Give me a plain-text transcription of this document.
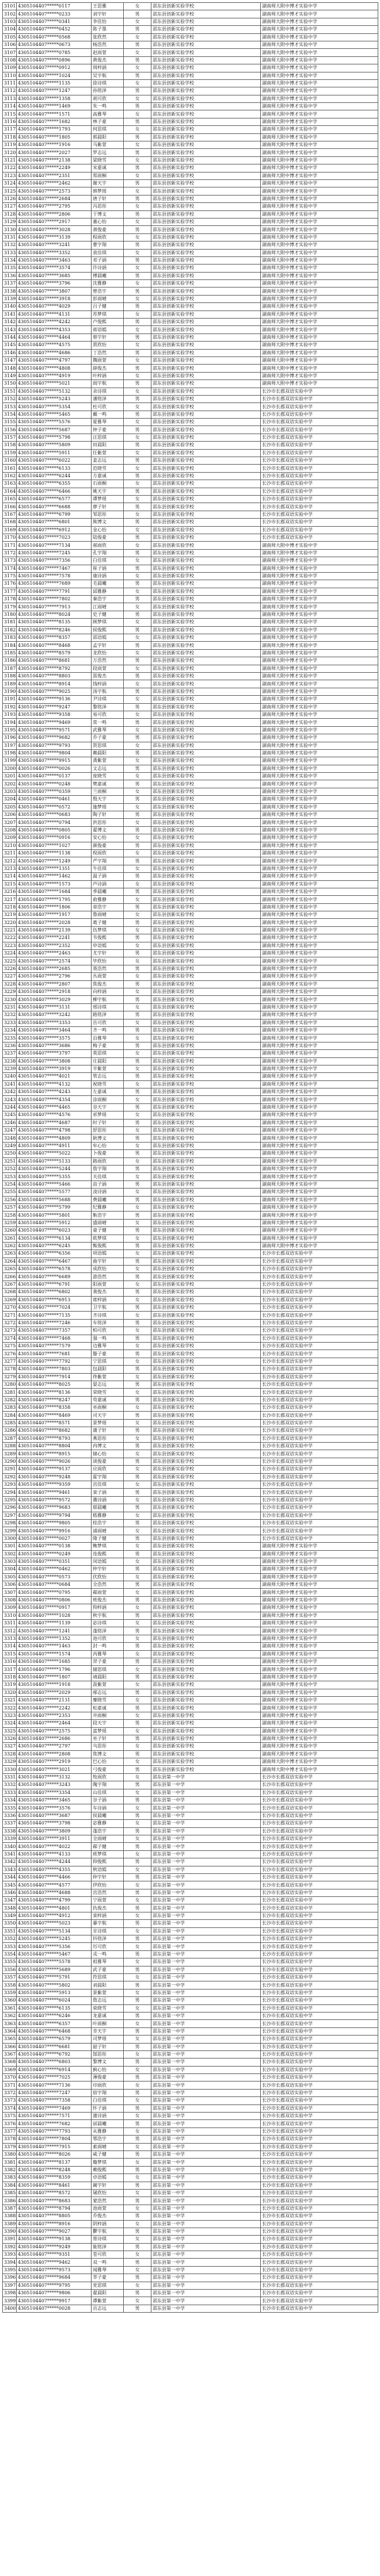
3101	4305104407*****0117	王思雅	女	邵东县创新实验学校	湖南师大附中博才实验中学
3102	4305104407*****0233	刘宇轩	男	邵东县创新实验学校	湖南师大附中博才实验中学
3103	4305104407*****0341	李佳怡	女	邵东县创新实验学校	湖南师大附中博才实验中学
3104	4305104407*****0452	陈子墨	男	邵东县创新实验学校	湖南师大附中博才实验中学
3105	4305104407*****0568	张欣然	女	邵东县创新实验学校	湖南师大附中博才实验中学
3106	4305104407*****0673	杨浩然	男	邵东县创新实验学校	湖南师大附中博才实验中学
3107	4305104407*****0785	赵雨萱	女	邵东县创新实验学校	湖南师大附中博才实验中学
3108	4305104407*****0896	黄俊杰	男	邵东县创新实验学校	湖南师大附中博才实验中学
3109	4305104407*****0912	周梓涵	女	邵东县创新实验学校	湖南师大附中博才实验中学
3110	4305104407*****1024	吴宇航	男	邵东县创新实验学校	湖南师大附中博才实验中学
3111	4305104407*****1135	徐诗琪	女	邵东县创新实验学校	湖南师大附中博才实验中学
3112	4305104407*****1247	孙铭泽	男	邵东县创新实验学校	湖南师大附中博才实验中学
3113	4305104407*****1358	胡可欣	女	邵东县创新实验学校	湖南师大附中博才实验中学
3114	4305104407*****1469	朱一鸣	男	邵东县创新实验学校	湖南师大附中博才实验中学
3115	4305104407*****1571	高雅琴	女	邵东县创新实验学校	湖南师大附中博才实验中学
3116	4305104407*****1682	林子豪	男	邵东县创新实验学校	湖南师大附中博才实验中学
3117	4305104407*****1793	何思琪	女	邵东县创新实验学校	湖南师大附中博才实验中学
3118	4305104407*****1805	郭晨阳	男	邵东县创新实验学校	湖南师大附中博才实验中学
3119	4305104407*****1916	马紫萱	女	邵东县创新实验学校	湖南师大附中博才实验中学
3120	4305104407*****2027	罗志远	男	邵东县创新实验学校	湖南师大附中博才实验中学
3121	4305104407*****2138	梁晓雪	女	邵东县创新实验学校	湖南师大附中博才实验中学
3122	4305104407*****2249	宋嘉诚	男	邵东县创新实验学校	湖南师大附中博才实验中学
3123	4305104407*****2351	郑雨桐	女	邵东县创新实验学校	湖南师大附中博才实验中学
3124	4305104407*****2462	谢天宇	男	邵东县创新实验学校	湖南师大附中博才实验中学
3125	4305104407*****2573	韩梦瑶	女	邵东县创新实验学校	湖南师大附中博才实验中学
3126	4305104407*****2684	唐子轩	男	邵东县创新实验学校	湖南师大附中博才实验中学
3127	4305104407*****2795	冯思彤	女	邵东县创新实验学校	湖南师大附中博才实验中学
3128	4305104407*****2806	于博文	男	邵东县创新实验学校	湖南师大附中博才实验中学
3129	4305104407*****2917	董心怡	女	邵东县创新实验学校	湖南师大附中博才实验中学
3130	4305104407*****3028	萧俊豪	男	邵东县创新实验学校	湖南师大附中博才实验中学
3131	4305104407*****3139	程雨欣	女	邵东县创新实验学校	湖南师大附中博才实验中学
3132	4305104407*****3241	曹宇翔	男	邵东县创新实验学校	湖南师大附中博才实验中学
3133	4305104407*****3352	袁佳琪	女	邵东县创新实验学校	湖南师大附中博才实验中学
3134	4305104407*****3463	邓子涵	男	邵东县创新实验学校	湖南师大附中博才实验中学
3135	4305104407*****3574	许诗涵	女	邵东县创新实验学校	湖南师大附中博才实验中学
3136	4305104407*****3685	傅晨曦	男	邵东县创新实验学校	湖南师大附中博才实验中学
3137	4305104407*****3796	沈雅静	女	邵东县创新实验学校	湖南师大附中博才实验中学
3138	4305104407*****3807	曾浩宇	男	邵东县创新实验学校	湖南师大附中博才实验中学
3139	4305104407*****3918	彭雨晴	女	邵东县创新实验学校	湖南师大附中博才实验中学
3140	4305104407*****4029	吕子健	男	邵东县创新实验学校	湖南师大附中博才实验中学
3141	4305104407*****4131	苏梦琪	女	邵东县创新实验学校	湖南师大附中博才实验中学
3142	4305104407*****4242	卢俊熙	男	邵东县创新实验学校	湖南师大附中博才实验中学
3143	4305104407*****4353	蒋语嫣	女	邵东县创新实验学校	湖南师大附中博才实验中学
3144	4305104407*****4464	蔡宇轩	男	邵东县创新实验学校	湖南师大附中博才实验中学
3145	4305104407*****4575	贾欣怡	女	邵东县创新实验学校	湖南师大附中博才实验中学
3146	4305104407*****4686	丁浩然	男	邵东县创新实验学校	湖南师大附中博才实验中学
3147	4305104407*****4797	魏雨萱	女	邵东县创新实验学校	湖南师大附中博才实验中学
3148	4305104407*****4808	薛俊杰	男	邵东县创新实验学校	湖南师大附中博才实验中学
3149	4305104407*****4919	叶梓涵	女	邵东县创新实验学校	湖南师大附中博才实验中学
3150	4305104407*****5021	阎宇航	男	邵东县创新实验学校	湖南师大附中博才实验中学
3151	4305104407*****5132	余诗琪	女	邵东县创新实验学校	长沙市长郡双语实验中学
3152	4305104407*****5243	潘铭泽	男	邵东县创新实验学校	长沙市长郡双语实验中学
3153	4305104407*****5354	杜可欣	女	邵东县创新实验学校	长沙市长郡双语实验中学
3154	4305104407*****5465	戴一鸣	男	邵东县创新实验学校	长沙市长郡双语实验中学
3155	4305104407*****5576	夏雅琴	女	邵东县创新实验学校	长沙市长郡双语实验中学
3156	4305104407*****5687	钟子豪	男	邵东县创新实验学校	长沙市长郡双语实验中学
3157	4305104407*****5798	汪思琪	女	邵东县创新实验学校	长沙市长郡双语实验中学
3158	4305104407*****5809	田晨阳	男	邵东县创新实验学校	长沙市长郡双语实验中学
3159	4305104407*****5911	任紫萱	女	邵东县创新实验学校	长沙市长郡双语实验中学
3160	4305104407*****6022	姜志远	男	邵东县创新实验学校	长沙市长郡双语实验中学
3161	4305104407*****6133	范晓雪	女	邵东县创新实验学校	长沙市长郡双语实验中学
3162	4305104407*****6244	方嘉诚	男	邵东县创新实验学校	长沙市长郡双语实验中学
3163	4305104407*****6355	石雨桐	女	邵东县创新实验学校	长沙市长郡双语实验中学
3164	4305104407*****6466	姚天宇	男	邵东县创新实验学校	长沙市长郡双语实验中学
3165	4305104407*****6577	谭梦瑶	女	邵东县创新实验学校	长沙市长郡双语实验中学
3166	4305104407*****6688	廖子轩	男	邵东县创新实验学校	长沙市长郡双语实验中学
3167	4305104407*****6799	邹思彤	女	邵东县创新实验学校	长沙市长郡双语实验中学
3168	4305104407*****6801	熊博文	男	邵东县创新实验学校	长沙市长郡双语实验中学
3169	4305104407*****6912	金心怡	女	邵东县创新实验学校	长沙市长郡双语实验中学
3170	4305104407*****7023	陆俊豪	男	邵东县创新实验学校	长沙市长郡双语实验中学
3171	4305104407*****7134	郝雨欣	女	邵东县创新实验学校	湖南师大附中博才实验中学
3172	4305104407*****7245	孔宇翔	男	邵东县创新实验学校	湖南师大附中博才实验中学
3173	4305104407*****7356	白佳琪	女	邵东县创新实验学校	湖南师大附中博才实验中学
3174	4305104407*****7467	崔子涵	男	邵东县创新实验学校	湖南师大附中博才实验中学
3175	4305104407*****7578	康诗涵	女	邵东县创新实验学校	湖南师大附中博才实验中学
3176	4305104407*****7689	毛晨曦	男	邵东县创新实验学校	湖南师大附中博才实验中学
3177	4305104407*****7791	邱雅静	女	邵东县创新实验学校	湖南师大附中博才实验中学
3178	4305104407*****7802	秦浩宇	男	邵东县创新实验学校	湖南师大附中博才实验中学
3179	4305104407*****7913	江雨晴	女	邵东县创新实验学校	湖南师大附中博才实验中学
3180	4305104407*****8024	史子健	男	邵东县创新实验学校	湖南师大附中博才实验中学
3181	4305104407*****8135	顾梦琪	女	邵东县创新实验学校	湖南师大附中博才实验中学
3182	4305104407*****8246	侯俊熙	男	邵东县创新实验学校	湖南师大附中博才实验中学
3183	4305104407*****8357	邵语嫣	女	邵东县创新实验学校	湖南师大附中博才实验中学
3184	4305104407*****8468	孟宇轩	男	邵东县创新实验学校	湖南师大附中博才实验中学
3185	4305104407*****8579	龙欣怡	女	邵东县创新实验学校	湖南师大附中博才实验中学
3186	4305104407*****8681	万浩然	男	邵东县创新实验学校	湖南师大附中博才实验中学
3187	4305104407*****8792	段雨萱	女	邵东县创新实验学校	湖南师大附中博才实验中学
3188	4305104407*****8803	雷俊杰	男	邵东县创新实验学校	湖南师大附中博才实验中学
3189	4305104407*****8914	钱梓涵	女	邵东县创新实验学校	湖南师大附中博才实验中学
3190	4305104407*****9025	汤宇航	男	邵东县创新实验学校	湖南师大附中博才实验中学
3191	4305104407*****9136	尹诗琪	女	邵东县创新实验学校	湖南师大附中博才实验中学
3192	4305104407*****9247	黎铭泽	男	邵东县创新实验学校	湖南师大附中博才实验中学
3193	4305104407*****9358	易可欣	女	邵东县创新实验学校	湖南师大附中博才实验中学
3194	4305104407*****9469	常一鸣	男	邵东县创新实验学校	湖南师大附中博才实验中学
3195	4305104407*****9571	武雅琴	女	邵东县创新实验学校	湖南师大附中博才实验中学
3196	4305104407*****9682	乔子豪	男	邵东县创新实验学校	湖南师大附中博才实验中学
3197	4305104407*****9793	贺思琪	女	邵东县创新实验学校	湖南师大附中博才实验中学
3198	4305104407*****9804	赖晨阳	男	邵东县创新实验学校	湖南师大附中博才实验中学
3199	4305104407*****9915	龚紫萱	女	邵东县创新实验学校	湖南师大附中博才实验中学
3200	4305104407*****0026	文志远	男	邵东县创新实验学校	湖南师大附中博才实验中学
3201	4305104407*****0137	庞晓雪	女	邵东县创新实验学校	湖南师大附中博才实验中学
3202	4305104407*****0248	樊嘉诚	男	邵东县创新实验学校	湖南师大附中博才实验中学
3203	4305104407*****0359	兰雨桐	女	邵东县创新实验学校	湖南师大附中博才实验中学
3204	4305104407*****0461	殷天宇	男	邵东县创新实验学校	湖南师大附中博才实验中学
3205	4305104407*****0572	施梦瑶	女	邵东县创新实验学校	湖南师大附中博才实验中学
3206	4305104407*****0683	陶子轩	男	邵东县创新实验学校	湖南师大附中博才实验中学
3207	4305104407*****0794	洪思彤	女	邵东县创新实验学校	湖南师大附中博才实验中学
3208	4305104407*****0805	翟博文	男	邵东县创新实验学校	湖南师大附中博才实验中学
3209	4305104407*****0916	安心怡	女	邵东县创新实验学校	湖南师大附中博才实验中学
3210	4305104407*****1027	颜俊豪	男	邵东县创新实验学校	湖南师大附中博才实验中学
3211	4305104407*****1138	倪雨欣	女	邵东县创新实验学校	湖南师大附中博才实验中学
3212	4305104407*****1249	严宇翔	男	邵东县创新实验学校	湖南师大附中博才实验中学
3213	4305104407*****1351	牛佳琪	女	邵东县创新实验学校	湖南师大附中博才实验中学
3214	4305104407*****1462	温子涵	男	邵东县创新实验学校	湖南师大附中博才实验中学
3215	4305104407*****1573	芦诗涵	女	邵东县创新实验学校	湖南师大附中博才实验中学
3216	4305104407*****1684	季晨曦	男	邵东县创新实验学校	湖南师大附中博才实验中学
3217	4305104407*****1795	俞雅静	女	邵东县创新实验学校	湖南师大附中博才实验中学
3218	4305104407*****1806	章浩宇	男	邵东县创新实验学校	湖南师大附中博才实验中学
3219	4305104407*****1917	鲁雨晴	女	邵东县创新实验学校	湖南师大附中博才实验中学
3220	4305104407*****2028	葛子健	男	邵东县创新实验学校	湖南师大附中博才实验中学
3221	4305104407*****2139	伍梦琪	女	邵东县创新实验学校	湖南师大附中博才实验中学
3222	4305104407*****2241	韦俊熙	男	邵东县创新实验学校	湖南师大附中博才实验中学
3223	4305104407*****2352	申语嫣	女	邵东县创新实验学校	湖南师大附中博才实验中学
3224	4305104407*****2463	尤宇轩	男	邵东县创新实验学校	湖南师大附中博才实验中学
3225	4305104407*****2574	毕欣怡	女	邵东县创新实验学校	湖南师大附中博才实验中学
3226	4305104407*****2685	聂浩然	男	邵东县创新实验学校	湖南师大附中博才实验中学
3227	4305104407*****2796	丛雨萱	女	邵东县创新实验学校	湖南师大附中博才实验中学
3228	4305104407*****2807	焦俊杰	男	邵东县创新实验学校	湖南师大附中博才实验中学
3229	4305104407*****2918	向梓涵	女	邵东县创新实验学校	湖南师大附中博才实验中学
3230	4305104407*****3029	柳宇航	男	邵东县创新实验学校	湖南师大附中博才实验中学
3231	4305104407*****3131	邢诗琪	女	邵东县创新实验学校	湖南师大附中博才实验中学
3232	4305104407*****3242	路铭泽	男	邵东县创新实验学校	湖南师大附中博才实验中学
3233	4305104407*****3353	岳可欣	女	邵东县创新实验学校	湖南师大附中博才实验中学
3234	4305104407*****3464	齐一鸣	男	邵东县创新实验学校	湖南师大附中博才实验中学
3235	4305104407*****3575	沿雅琴	女	邵东县创新实验学校	湖南师大附中博才实验中学
3236	4305104407*****3686	梅子豪	男	邵东县创新实验学校	湖南师大附中博才实验中学
3237	4305104407*****3797	莫思琪	女	邵东县创新实验学校	湖南师大附中博才实验中学
3238	4305104407*****3808	庄晨阳	男	邵东县创新实验学校	湖南师大附中博才实验中学
3239	4305104407*****3919	辛紫萱	女	邵东县创新实验学校	湖南师大附中博才实验中学
3240	4305104407*****4021	管志远	男	邵东县创新实验学校	湖南师大附中博才实验中学
3241	4305104407*****4132	祝晓雪	女	邵东县创新实验学校	湖南师大附中博才实验中学
3242	4305104407*****4243	左嘉诚	男	邵东县创新实验学校	湖南师大附中博才实验中学
3243	4305104407*****4354	涂雨桐	女	邵东县创新实验学校	湖南师大附中博才实验中学
3244	4305104407*****4465	谷天宇	男	邵东县创新实验学校	湖南师大附中博才实验中学
3245	4305104407*****4576	祁梦瑶	女	邵东县创新实验学校	湖南师大附中博才实验中学
3246	4305104407*****4687	时子轩	男	邵东县创新实验学校	湖南师大附中博才实验中学
3247	4305104407*****4798	舒思彤	女	邵东县创新实验学校	湖南师大附中博才实验中学
3248	4305104407*****4809	耿博文	男	邵东县创新实验学校	湖南师大附中博才实验中学
3249	4305104407*****4911	牟心怡	女	邵东县创新实验学校	湖南师大附中博才实验中学
3250	4305104407*****5022	卜俊豪	男	邵东县创新实验学校	湖南师大附中博才实验中学
3251	4305104407*****5133	路雨欣	女	邵东县创新实验学校	湖南师大附中博才实验中学
3252	4305104407*****5244	詹宇翔	男	邵东县创新实验学校	湖南师大附中博才实验中学
3253	4305104407*****5355	关佳琪	女	邵东县创新实验学校	湖南师大附中博才实验中学
3254	4305104407*****5466	苗子涵	男	邵东县创新实验学校	湖南师大附中博才实验中学
3255	4305104407*****5577	凌诗涵	女	邵东县创新实验学校	湖南师大附中博才实验中学
3256	4305104407*****5688	费晨曦	男	邵东县创新实验学校	湖南师大附中博才实验中学
3257	4305104407*****5799	纪雅静	女	邵东县创新实验学校	湖南师大附中博才实验中学
3258	4305104407*****5801	靳浩宇	男	邵东县创新实验学校	湖南师大附中博才实验中学
3259	4305104407*****5912	盛雨晴	女	邵东县创新实验学校	湖南师大附中博才实验中学
3260	4305104407*****6023	童子健	男	邵东县创新实验学校	湖南师大附中博才实验中学
3261	4305104407*****6134	欧梦琪	女	邵东县创新实验学校	湖南师大附中博才实验中学
3262	4305104407*****6245	甄俊熙	男	邵东县创新实验学校	湖南师大附中博才实验中学
3263	4305104407*****6356	项语嫣	女	邵东县创新实验学校	长沙市长郡双语实验中学
3264	4305104407*****6467	曲宇轩	男	邵东县创新实验学校	长沙市长郡双语实验中学
3265	4305104407*****6578	成欣怡	女	邵东县创新实验学校	长沙市长郡双语实验中学
3266	4305104407*****6689	游浩然	男	邵东县创新实验学校	长沙市长郡双语实验中学
3267	4305104407*****6791	阳雨萱	女	邵东县创新实验学校	长沙市长郡双语实验中学
3268	4305104407*****6802	裴俊杰	男	邵东县创新实验学校	长沙市长郡双语实验中学
3269	4305104407*****6913	席梓涵	女	邵东县创新实验学校	长沙市长郡双语实验中学
3270	4305104407*****7024	卫宇航	男	邵东县创新实验学校	长沙市长郡双语实验中学
3271	4305104407*****7135	齐诗琪	女	邵东县创新实验学校	长沙市长郡双语实验中学
3272	4305104407*****7246	车铭泽	男	邵东县创新实验学校	长沙市长郡双语实验中学
3273	4305104407*****7357	柏可欣	女	邵东县创新实验学校	长沙市长郡双语实验中学
3274	4305104407*****7468	强一鸣	男	邵东县创新实验学校	长沙市长郡双语实验中学
3275	4305104407*****7579	边雅琴	女	邵东县创新实验学校	长沙市长郡双语实验中学
3276	4305104407*****7681	滕子豪	男	邵东县创新实验学校	长沙市长郡双语实验中学
3277	4305104407*****7792	宁思琪	女	邵东县创新实验学校	长沙市长郡双语实验中学
3278	4305104407*****7803	包晨阳	男	邵东县创新实验学校	长沙市长郡双语实验中学
3279	4305104407*****7914	佟紫萱	女	邵东县创新实验学校	长沙市长郡双语实验中学
3280	4305104407*****8025	晏志远	男	邵东县创新实验学校	长沙市长郡双语实验中学
3281	4305104407*****8136	荣晓雪	女	邵东县创新实验学校	长沙市长郡双语实验中学
3282	4305104407*****8247	苟嘉诚	男	邵东县创新实验学校	长沙市长郡双语实验中学
3283	4305104407*****8358	巫雨桐	女	邵东县创新实验学校	长沙市长郡双语实验中学
3284	4305104407*****8469	司天宇	男	邵东县创新实验学校	长沙市长郡双语实验中学
3285	4305104407*****8571	景梦瑶	女	邵东县创新实验学校	长沙市长郡双语实验中学
3286	4305104407*****8682	蒲子轩	男	邵东县创新实验学校	长沙市长郡双语实验中学
3287	4305104407*****8793	燕思彤	女	邵东县创新实验学校	长沙市长郡双语实验中学
3288	4305104407*****8804	冉博文	男	邵东县创新实验学校	长沙市长郡双语实验中学
3289	4305104407*****8915	储心怡	女	邵东县创新实验学校	长沙市长郡双语实验中学
3290	4305104407*****9026	谈俊豪	男	邵东县创新实验学校	长沙市长郡双语实验中学
3291	4305104407*****9137	应雨欣	女	邵东县创新实验学校	长沙市长郡双语实验中学
3292	4305104407*****9248	霍宇翔	男	邵东县创新实验学校	长沙市长郡双语实验中学
3293	4305104407*****9359	宫佳琪	女	邵东县创新实验学校	长沙市长郡双语实验中学
3294	4305104407*****9461	栾子涵	男	邵东县创新实验学校	长沙市长郡双语实验中学
3295	4305104407*****9572	冀诗涵	女	邵东县创新实验学校	长沙市长郡双语实验中学
3296	4305104407*****9683	郁晨曦	男	邵东县创新实验学校	长沙市长郡双语实验中学
3297	4305104407*****9794	嵇雅静	女	邵东县创新实验学校	长沙市长郡双语实验中学
3298	4305104407*****9805	桂浩宇	男	邵东县创新实验学校	长沙市长郡双语实验中学
3299	4305104407*****9916	浦雨晴	女	邵东县创新实验学校	长沙市长郡双语实验中学
3300	4305104407*****0027	隆子健	男	邵东县创新实验学校	长沙市长郡双语实验中学
3301	4305104407*****0138	鲍梦琪	女	邵东县创新实验学校	湖南师大附中博才实验中学
3302	4305104407*****0249	连俊熙	男	邵东县创新实验学校	湖南师大附中博才实验中学
3303	4305104407*****0351	闵语嫣	女	邵东县创新实验学校	湖南师大附中博才实验中学
3304	4305104407*****0462	仲宇轩	男	邵东县创新实验学校	湖南师大附中博才实验中学
3305	4305104407*****0573	伏欣怡	女	邵东县创新实验学校	湖南师大附中博才实验中学
3306	4305104407*****0684	全浩然	男	邵东县创新实验学校	湖南师大附中博才实验中学
3307	4305104407*****0795	郗雨萱	女	邵东县创新实验学校	湖南师大附中博才实验中学
3308	4305104407*****0806	班俊杰	男	邵东县创新实验学校	湖南师大附中博才实验中学
3309	4305104407*****0917	仰梓涵	女	邵东县创新实验学校	湖南师大附中博才实验中学
3310	4305104407*****1028	秋宇航	男	邵东县创新实验学校	湖南师大附中博才实验中学
3311	4305104407*****1139	宓诗琪	女	邵东县创新实验学校	湖南师大附中博才实验中学
3312	4305104407*****1241	蓬铭泽	男	邵东县创新实验学校	湖南师大附中博才实验中学
3313	4305104407*****1352	池可欣	女	邵东县创新实验学校	湖南师大附中博才实验中学
3314	4305104407*****1463	封一鸣	男	邵东县创新实验学校	湖南师大附中博才实验中学
3315	4305104407*****1574	芮雅琴	女	邵东县创新实验学校	湖南师大附中博才实验中学
3316	4305104407*****1685	羿子豪	男	邵东县创新实验学校	湖南师大附中博才实验中学
3317	4305104407*****1796	储思琪	女	邵东县创新实验学校	湖南师大附中博才实验中学
3318	4305104407*****1807	靖晨阳	男	邵东县创新实验学校	湖南师大附中博才实验中学
3319	4305104407*****1918	汲紫萱	女	邵东县创新实验学校	湖南师大附中博才实验中学
3320	4305104407*****2029	邴志远	男	邵东县创新实验学校	湖南师大附中博才实验中学
3321	4305104407*****2131	糜晓雪	女	邵东县创新实验学校	湖南师大附中博才实验中学
3322	4305104407*****2242	松嘉诚	男	邵东县创新实验学校	湖南师大附中博才实验中学
3323	4305104407*****2353	井雨桐	女	邵东县创新实验学校	湖南师大附中博才实验中学
3324	4305104407*****2464	段天宇	男	邵东县创新实验学校	湖南师大附中博才实验中学
3325	4305104407*****2575	富梦瑶	女	邵东县创新实验学校	湖南师大附中博才实验中学
3326	4305104407*****2686	巫子轩	男	邵东县创新实验学校	湖南师大附中博才实验中学
3327	4305104407*****2797	乌思彤	女	邵东县创新实验学校	湖南师大附中博才实验中学
3328	4305104407*****2808	焦博文	男	邵东县创新实验学校	湖南师大附中博才实验中学
3329	4305104407*****2919	巴心怡	女	邵东县创新实验学校	湖南师大附中博才实验中学
3330	4305104407*****3021	弓俊豪	男	邵东县创新实验学校	湖南师大附中博才实验中学
3331	4305104407*****3132	牧雨欣	女	邵东县第一中学	长沙市长郡双语实验中学
3332	4305104407*****3243	隗宇翔	男	邵东县第一中学	长沙市长郡双语实验中学
3333	4305104407*****3354	山佳琪	女	邵东县第一中学	长沙市长郡双语实验中学
3334	4305104407*****3465	谷子涵	男	邵东县第一中学	长沙市长郡双语实验中学
3335	4305104407*****3576	车诗涵	女	邵东县第一中学	长沙市长郡双语实验中学
3336	4305104407*****3687	侯晨曦	男	邵东县第一中学	长沙市长郡双语实验中学
3337	4305104407*****3798	宓雅静	女	邵东县第一中学	长沙市长郡双语实验中学
3338	4305104407*****3809	蓬浩宇	男	邵东县第一中学	长沙市长郡双语实验中学
3339	4305104407*****3911	全雨晴	女	邵东县第一中学	长沙市长郡双语实验中学
3340	4305104407*****4022	郗子健	男	邵东县第一中学	长沙市长郡双语实验中学
3341	4305104407*****4133	班梦琪	女	邵东县第一中学	长沙市长郡双语实验中学
3342	4305104407*****4244	仰俊熙	男	邵东县第一中学	长沙市长郡双语实验中学
3343	4305104407*****4355	秋语嫣	女	邵东县第一中学	长沙市长郡双语实验中学
3344	4305104407*****4466	仲宇轩	男	邵东县第一中学	长沙市长郡双语实验中学
3345	4305104407*****4577	伊欣怡	女	邵东县第一中学	长沙市长郡双语实验中学
3346	4305104407*****4688	宫浩然	男	邵东县第一中学	长沙市长郡双语实验中学
3347	4305104407*****4799	宁雨萱	女	邵东县第一中学	长沙市长郡双语实验中学
3348	4305104407*****4801	仇俊杰	男	邵东县第一中学	长沙市长郡双语实验中学
3349	4305104407*****4912	栾梓涵	女	邵东县第一中学	长沙市长郡双语实验中学
3350	4305104407*****5023	暴宇航	男	邵东县第一中学	长沙市长郡双语实验中学
3351	4305104407*****5134	甘诗琪	女	邵东县第一中学	长沙市长郡双语实验中学
3352	4305104407*****5245	钭铭泽	男	邵东县第一中学	长沙市长郡双语实验中学
3353	4305104407*****5356	厉可欣	女	邵东县第一中学	长沙市长郡双语实验中学
3354	4305104407*****5467	戎一鸣	男	邵东县第一中学	长沙市长郡双语实验中学
3355	4305104407*****5578	祖雅琴	女	邵东县第一中学	长沙市长郡双语实验中学
3356	4305104407*****5689	武子豪	男	邵东县第一中学	长沙市长郡双语实验中学
3357	4305104407*****5791	符思琪	女	邵东县第一中学	长沙市长郡双语实验中学
3358	4305104407*****5802	刘晨阳	男	邵东县第一中学	长沙市长郡双语实验中学
3359	4305104407*****5913	景紫萱	女	邵东县第一中学	长沙市长郡双语实验中学
3360	4305104407*****6024	詹志远	男	邵东县第一中学	长沙市长郡双语实验中学
3361	4305104407*****6135	束晓雪	女	邵东县第一中学	长沙市长郡双语实验中学
3362	4305104407*****6246	龙嘉诚	男	邵东县第一中学	长沙市长郡双语实验中学
3363	4305104407*****6357	叶雨桐	女	邵东县第一中学	长沙市长郡双语实验中学
3364	4305104407*****6468	幸天宇	男	邵东县第一中学	长沙市长郡双语实验中学
3365	4305104407*****6579	司梦瑶	女	邵东县第一中学	长沙市长郡双语实验中学
3366	4305104407*****6681	韶子轩	男	邵东县第一中学	长沙市长郡双语实验中学
3367	4305104407*****6792	郜思彤	女	邵东县第一中学	长沙市长郡双语实验中学
3368	4305104407*****6803	黎博文	男	邵东县第一中学	长沙市长郡双语实验中学
3369	4305104407*****6914	蓟心怡	女	邵东县第一中学	长沙市长郡双语实验中学
3370	4305104407*****7025	薄俊豪	男	邵东县第一中学	长沙市长郡双语实验中学
3371	4305104407*****7136	印雨欣	女	邵东县第一中学	长沙市长郡双语实验中学
3372	4305104407*****7247	宿宇翔	男	邵东县第一中学	长沙市长郡双语实验中学
3373	4305104407*****7358	白佳琪	女	邵东县第一中学	长沙市长郡双语实验中学
3374	4305104407*****7469	怀子涵	男	邵东县第一中学	长沙市长郡双语实验中学
3375	4305104407*****7571	蒲诗涵	女	邵东县第一中学	长沙市长郡双语实验中学
3376	4305104407*****7682	邰晨曦	男	邵东县第一中学	长沙市长郡双语实验中学
3377	4305104407*****7793	从雅静	女	邵东县第一中学	长沙市长郡双语实验中学
3378	4305104407*****7804	鄂浩宇	男	邵东县第一中学	长沙市长郡双语实验中学
3379	4305104407*****7915	索雨晴	女	邵东县第一中学	长沙市长郡双语实验中学
3380	4305104407*****8026	咸子健	男	邵东县第一中学	长沙市长郡双语实验中学
3381	4305104407*****8137	籍梦琪	女	邵东县第一中学	长沙市长郡双语实验中学
3382	4305104407*****8248	赖俊熙	男	邵东县第一中学	长沙市长郡双语实验中学
3383	4305104407*****8359	卓语嫣	女	邵东县第一中学	长沙市长郡双语实验中学
3384	4305104407*****8461	蔺宇轩	男	邵东县第一中学	长沙市长郡双语实验中学
3385	4305104407*****8572	屠欣怡	女	邵东县第一中学	长沙市长郡双语实验中学
3386	4305104407*****8683	蒙浩然	男	邵东县第一中学	长沙市长郡双语实验中学
3387	4305104407*****8794	池雨萱	女	邵东县第一中学	长沙市长郡双语实验中学
3388	4305104407*****8805	乔俊杰	男	邵东县第一中学	长沙市长郡双语实验中学
3389	4305104407*****8916	阴梓涵	女	邵东县第一中学	长沙市长郡双语实验中学
3390	4305104407*****9027	鬱宇航	男	邵东县第一中学	长沙市长郡双语实验中学
3391	4305104407*****9138	胥诗琪	女	邵东县第一中学	长沙市长郡双语实验中学
3392	4305104407*****9249	能铭泽	男	邵东县第一中学	长沙市长郡双语实验中学
3393	4305104407*****9351	苍可欣	女	邵东县第一中学	长沙市长郡双语实验中学
3394	4305104407*****9462	双一鸣	男	邵东县第一中学	长沙市长郡双语实验中学
3395	4305104407*****9573	闻雅琴	女	邵东县第一中学	长沙市长郡双语实验中学
3396	4305104407*****9684	莘子豪	男	邵东县第一中学	长沙市长郡双语实验中学
3397	4305104407*****9795	党思琪	女	邵东县第一中学	长沙市长郡双语实验中学
3398	4305104407*****9806	翟晨阳	男	邵东县第一中学	长沙市长郡双语实验中学
3399	4305104407*****9917	谭紫萱	女	邵东县第一中学	长沙市长郡双语实验中学
3400	4305104407*****0028	贡志远	男	邵东县第一中学	长沙市长郡双语实验中学
